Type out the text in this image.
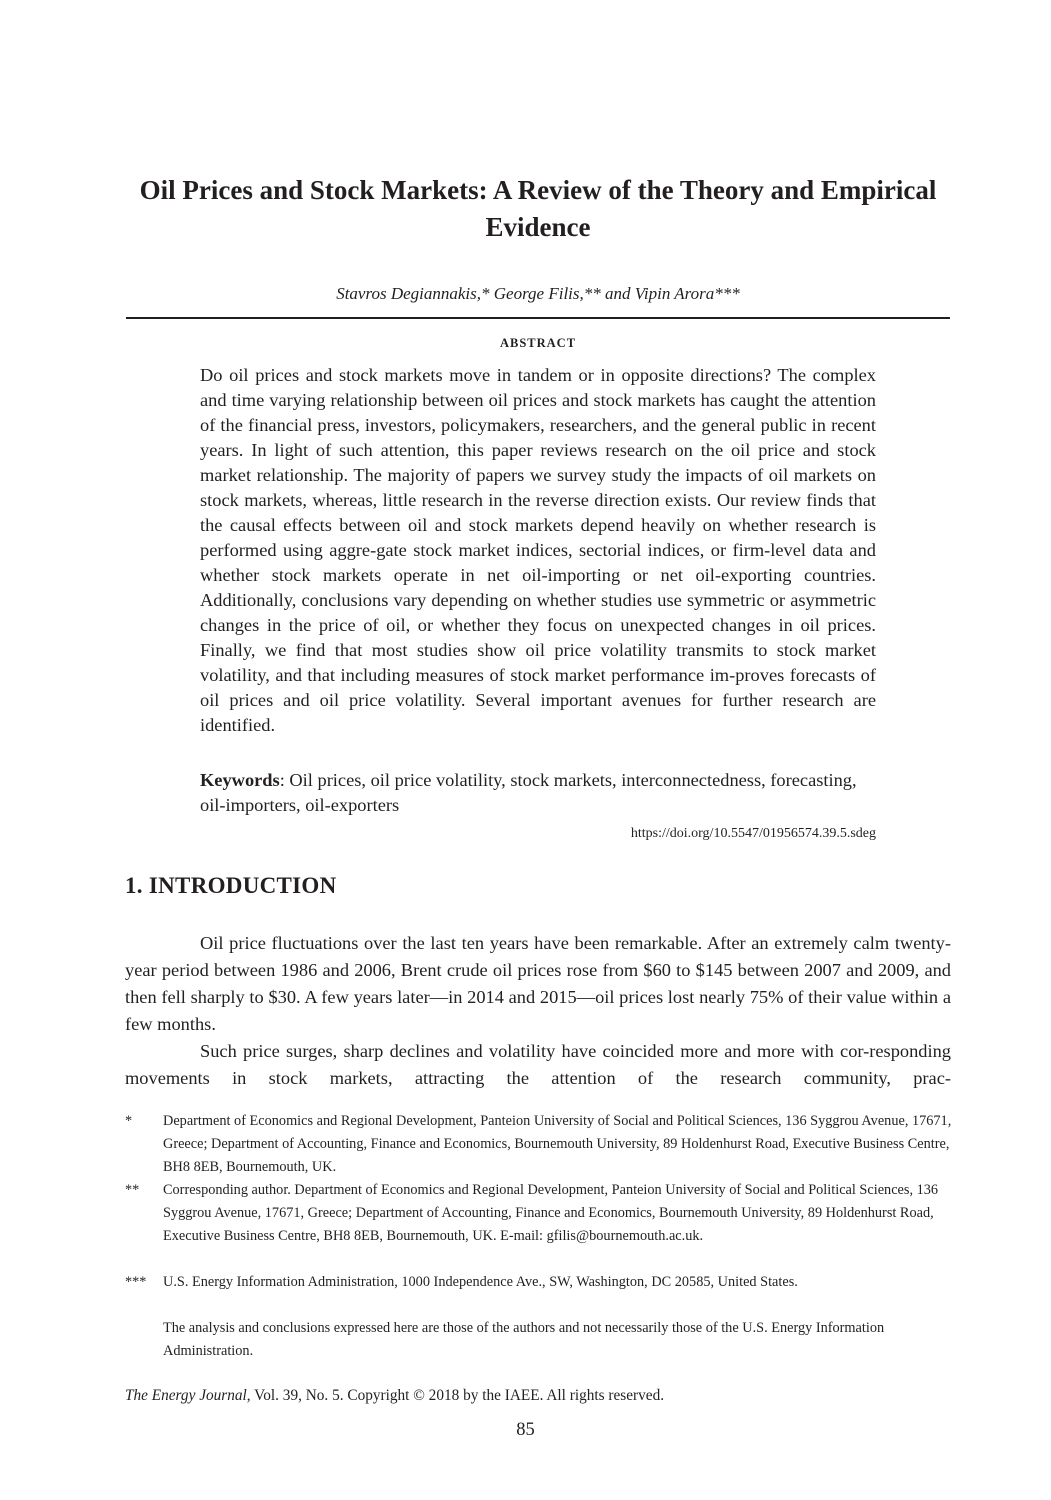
Oil Prices and Stock Markets: A Review of the Theory and Empirical Evidence
Stavros Degiannakis,* George Filis,** and Vipin Arora***
ABSTRACT

Do oil prices and stock markets move in tandem or in opposite directions? The complex and time varying relationship between oil prices and stock markets has caught the attention of the financial press, investors, policymakers, researchers, and the general public in recent years. In light of such attention, this paper reviews research on the oil price and stock market relationship. The majority of papers we survey study the impacts of oil markets on stock markets, whereas, little research in the reverse direction exists. Our review finds that the causal effects between oil and stock markets depend heavily on whether research is performed using aggre-gate stock market indices, sectorial indices, or firm-level data and whether stock markets operate in net oil-importing or net oil-exporting countries. Additionally, conclusions vary depending on whether studies use symmetric or asymmetric changes in the price of oil, or whether they focus on unexpected changes in oil prices. Finally, we find that most studies show oil price volatility transmits to stock market volatility, and that including measures of stock market performance im-proves forecasts of oil prices and oil price volatility. Several important avenues for further research are identified.

Keywords: Oil prices, oil price volatility, stock markets, interconnectedness, forecasting, oil-importers, oil-exporters

https://doi.org/10.5547/01956574.39.5.sdeg
1. INTRODUCTION

Oil price fluctuations over the last ten years have been remarkable. After an extremely calm twenty-year period between 1986 and 2006, Brent crude oil prices rose from $60 to $145 between 2007 and 2009, and then fell sharply to $30. A few years later—in 2014 and 2015—oil prices lost nearly 75% of their value within a few months.

Such price surges, sharp declines and volatility have coincided more and more with cor-responding movements in stock markets, attracting the attention of the research community, prac-

* Department of Economics and Regional Development, Panteion University of Social and Political Sciences, 136 Syggrou Avenue, 17671, Greece; Department of Accounting, Finance and Economics, Bournemouth University, 89 Holdenhurst Road, Executive Business Centre, BH8 8EB, Bournemouth, UK.

** Corresponding author. Department of Economics and Regional Development, Panteion University of Social and Political Sciences, 136 Syggrou Avenue, 17671, Greece; Department of Accounting, Finance and Economics, Bournemouth University, 89 Holdenhurst Road, Executive Business Centre, BH8 8EB, Bournemouth, UK. E-mail: gfilis@bournemouth.ac.uk.

*** U.S. Energy Information Administration, 1000 Independence Ave., SW, Washington, DC 20585, United States.

The analysis and conclusions expressed here are those of the authors and not necessarily those of the U.S. Energy Information Administration.

The Energy Journal, Vol. 39, No. 5. Copyright © 2018 by the IAEE. All rights reserved.
85
